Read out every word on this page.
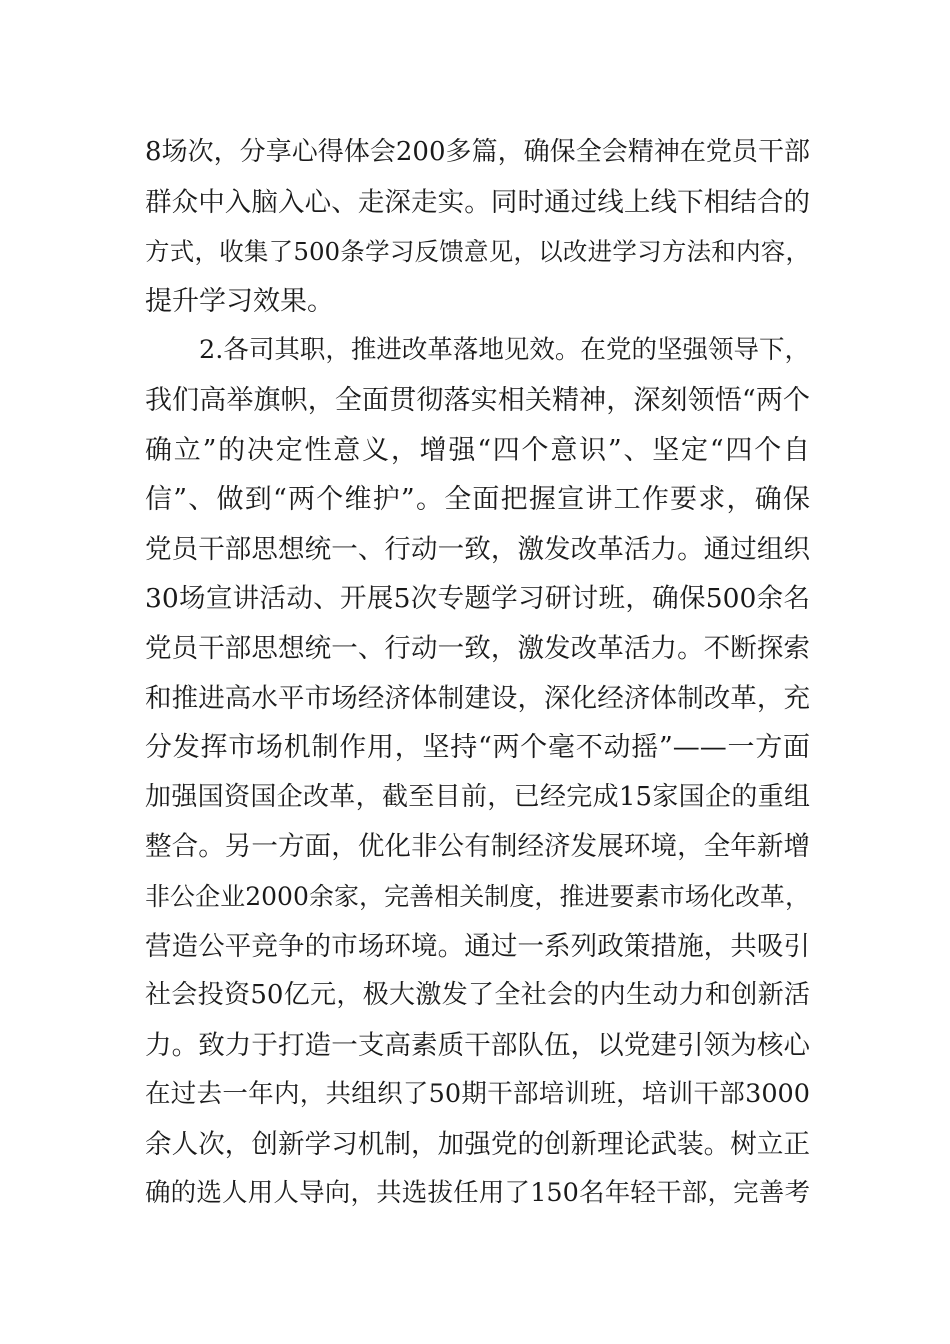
8场次，分享心得体会200多篇，确保全会精神在党员干部
群众中入脑入心、走深走实。同时通过线上线下相结合的
方式，收集了500条学习反馈意见，以改进学习方法和内容，
提升学习效果。
2.各司其职，推进改革落地见效。在党的坚强领导下，
我们高举旗帜，全面贯彻落实相关精神，深刻领悟“两个
确立”的决定性意义，增强“四个意识”、坚定“四个自
信”、做到“两个维护”。全面把握宣讲工作要求，确保
党员干部思想统一、行动一致，激发改革活力。通过组织
30场宣讲活动、开展5次专题学习研讨班，确保500余名
党员干部思想统一、行动一致，激发改革活力。不断探索
和推进高水平市场经济体制建设，深化经济体制改革，充
分发挥市场机制作用，坚持“两个毫不动摇”——一方面
加强国资国企改革，截至目前，已经完成15家国企的重组
整合。另一方面，优化非公有制经济发展环境，全年新增
非公企业2000余家，完善相关制度，推进要素市场化改革，
营造公平竞争的市场环境。通过一系列政策措施，共吸引
社会投资50亿元，极大激发了全社会的内生动力和创新活
力。致力于打造一支高素质干部队伍，以党建引领为核心
在过去一年内，共组织了50期干部培训班，培训干部3000
余人次，创新学习机制，加强党的创新理论武装。树立正
确的选人用人导向，共选拔任用了150名年轻干部，完善考
